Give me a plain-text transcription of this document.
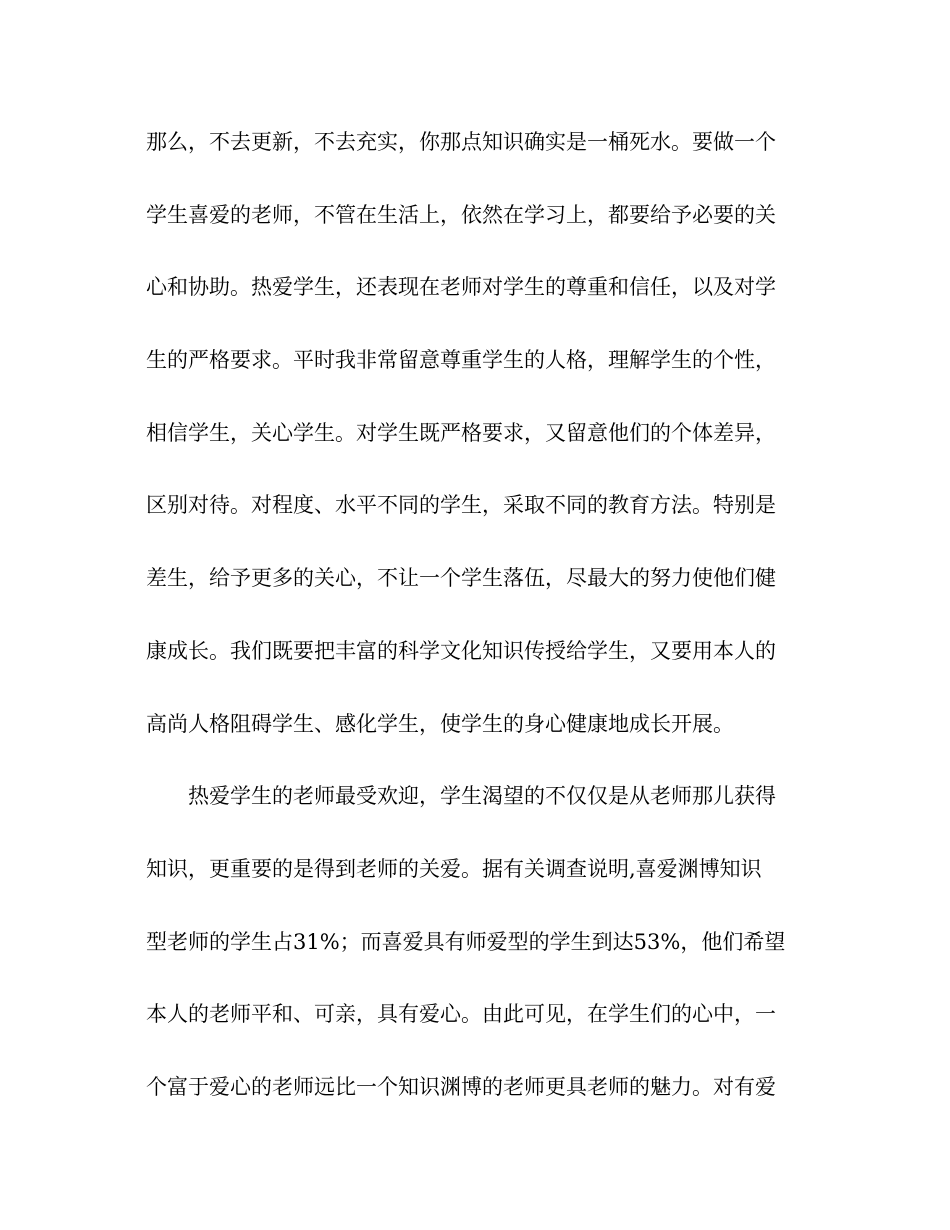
那么，不去更新，不去充实，你那点知识确实是一桶死水。要做一个
学生喜爱的老师，不管在生活上，依然在学习上，都要给予必要的关
心和协助。热爱学生，还表现在老师对学生的尊重和信任，以及对学
生的严格要求。平时我非常留意尊重学生的人格，理解学生的个性，
相信学生，关心学生。对学生既严格要求，又留意他们的个体差异，
区别对待。对程度、水平不同的学生，采取不同的教育方法。特别是
差生，给予更多的关心，不让一个学生落伍，尽最大的努力使他们健
康成长。我们既要把丰富的科学文化知识传授给学生，又要用本人的
高尚人格阻碍学生、感化学生，使学生的身心健康地成长开展。
热爱学生的老师最受欢迎，学生渴望的不仅仅是从老师那儿获得
知识，更重要的是得到老师的关爱。据有关调查说明,喜爱渊博知识
型老师的学生占31%；而喜爱具有师爱型的学生到达53%，他们希望
本人的老师平和、可亲，具有爱心。由此可见，在学生们的心中，一
个富于爱心的老师远比一个知识渊博的老师更具老师的魅力。对有爱
